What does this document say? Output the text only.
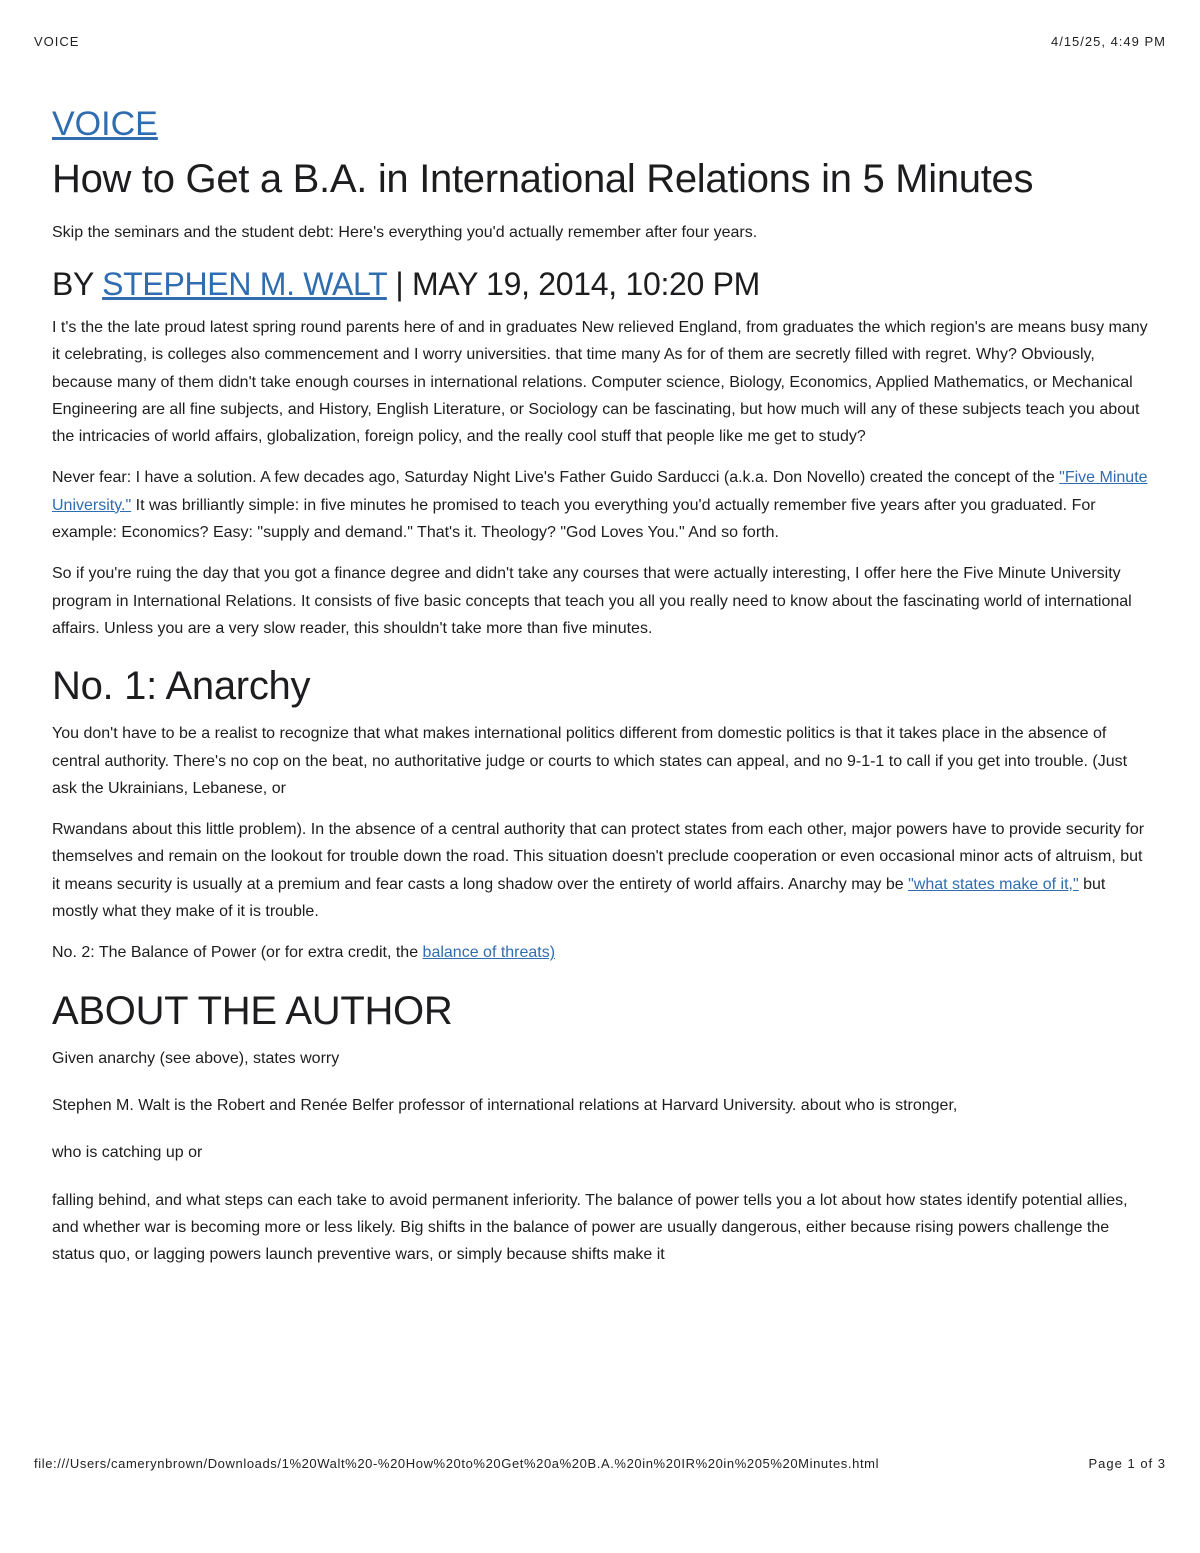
VOICE	4/15/25, 4:49 PM
VOICE
How to Get a B.A. in International Relations in 5 Minutes
Skip the seminars and the student debt: Here's everything you'd actually remember after four years.
BY STEPHEN M. WALT | MAY 19, 2014, 10:20 PM

I t's the the late proud latest spring round parents here of and in graduates New relieved England, from graduates the which region's are means busy many it celebrating, is colleges also commencement and I worry universities. that time many As for of them are secretly filled with regret. Why? Obviously, because many of them didn't take enough courses in international relations. Computer science, Biology, Economics, Applied Mathematics, or Mechanical Engineering are all fine subjects, and History, English Literature, or Sociology can be fascinating, but how much will any of these subjects teach you about the intricacies of world affairs, globalization, foreign policy, and the really cool stuff that people like me get to study?

Never fear: I have a solution. A few decades ago, Saturday Night Live's Father Guido Sarducci (a.k.a. Don Novello) created the concept of the "Five Minute University." It was brilliantly simple: in five minutes he promised to teach you everything you'd actually remember five years after you graduated. For example: Economics? Easy: "supply and demand." That's it. Theology? "God Loves You." And so forth.

So if you're ruing the day that you got a finance degree and didn't take any courses that were actually interesting, I offer here the Five Minute University program in International Relations. It consists of five basic concepts that teach you all you really need to know about the fascinating world of international affairs. Unless you are a very slow reader, this shouldn't take more than five minutes.

No. 1: Anarchy

You don't have to be a realist to recognize that what makes international politics different from domestic politics is that it takes place in the absence of central authority. There's no cop on the beat, no authoritative judge or courts to which states can appeal, and no 9-1-1 to call if you get into trouble. (Just ask the Ukrainians, Lebanese, or

Rwandans about this little problem). In the absence of a central authority that can protect states from each other, major powers have to provide security for themselves and remain on the lookout for trouble down the road. This situation doesn't preclude cooperation or even occasional minor acts of altruism, but it means security is usually at a premium and fear casts a long shadow over the entirety of world affairs. Anarchy may be "what states make of it," but mostly what they make of it is trouble.

No. 2: The Balance of Power (or for extra credit, the balance of threats)

ABOUT THE AUTHOR

Given anarchy (see above), states worry

Stephen M. Walt is the Robert and Renée Belfer professor of international relations at Harvard University. about who is stronger,

who is catching up or

falling behind, and what steps can each take to avoid permanent inferiority. The balance of power tells you a lot about how states identify potential allies, and whether war is becoming more or less likely. Big shifts in the balance of power are usually dangerous, either because rising powers challenge the status quo, or lagging powers launch preventive wars, or simply because shifts make it

file:///Users/camerynbrown/Downloads/1%20Walt%20-%20How%20to%20Get%20a%20B.A.%20in%20IR%20in%205%20Minutes.html	Page 1 of 3
